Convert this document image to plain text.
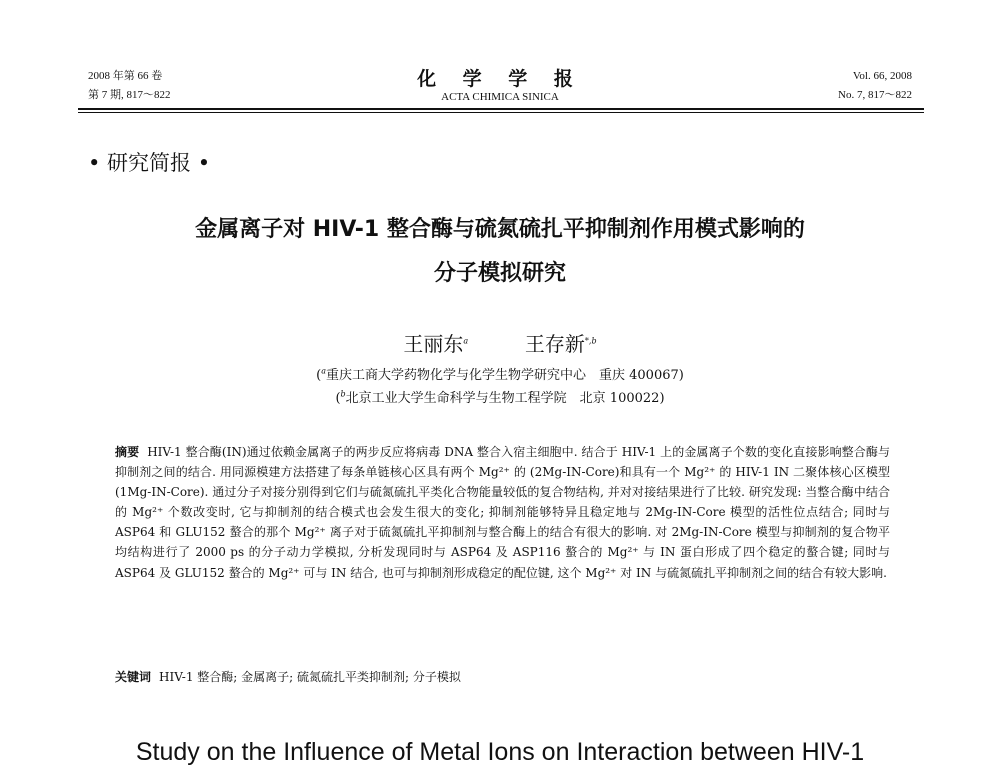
2008 年第 66 卷
第 7 期, 817～822
化 学 学 报
ACTA CHIMICA SINICA
Vol. 66, 2008
No. 7, 817～822
• 研究简报 •
金属离子对 HIV-1 整合酶与硫氮硫扎平抑制剂作用模式影响的
分子模拟研究
王丽东$^a$	王存新$^{*,b}$
($^a$重庆工商大学药物化学与化学生物学研究中心　重庆 400067)
($^b$北京工业大学生命科学与生物工程学院　北京 100022)
摘要 HIV-1 整合酶(IN)通过依赖金属离子的两步反应将病毒 DNA 整合入宿主细胞中. 结合于 HIV-1 上的金属离子个数的变化直接影响整合酶与抑制剂之间的结合. 用同源模建方法搭建了每条单链核心区具有两个 Mg²⁺ 的 (2Mg-IN-Core)和具有一个 Mg²⁺ 的 HIV-1 IN 二聚体核心区模型(1Mg-IN-Core). 通过分子对接分别得到它们与硫氮硫扎平类化合物能量较低的复合物结构, 并对对接结果进行了比较. 研究发现: 当整合酶中结合的 Mg²⁺ 个数改变时, 它与抑制剂的结合模式也会发生很大的变化; 抑制剂能够特异且稳定地与 2Mg-IN-Core 模型的活性位点结合; 同时与 ASP64 和 GLU152 螯合的那个 Mg²⁺ 离子对于硫氮硫扎平抑制剂与整合酶上的结合有很大的影响. 对 2Mg-IN-Core 模型与抑制剂的复合物平均结构进行了 2000 ps 的分子动力学模拟, 分析发现同时与 ASP64 及 ASP116 螯合的 Mg²⁺ 与 IN 蛋白形成了四个稳定的螯合键; 同时与 ASP64 及 GLU152 螯合的 Mg²⁺ 可与 IN 结合, 也可与抑制剂形成稳定的配位键, 这个 Mg²⁺ 对 IN 与硫氮硫扎平抑制剂之间的结合有较大影响.
关键词 HIV-1 整合酶; 金属离子; 硫氮硫扎平类抑制剂; 分子模拟
Study on the Influence of Metal Ions on Interaction between HIV-1
